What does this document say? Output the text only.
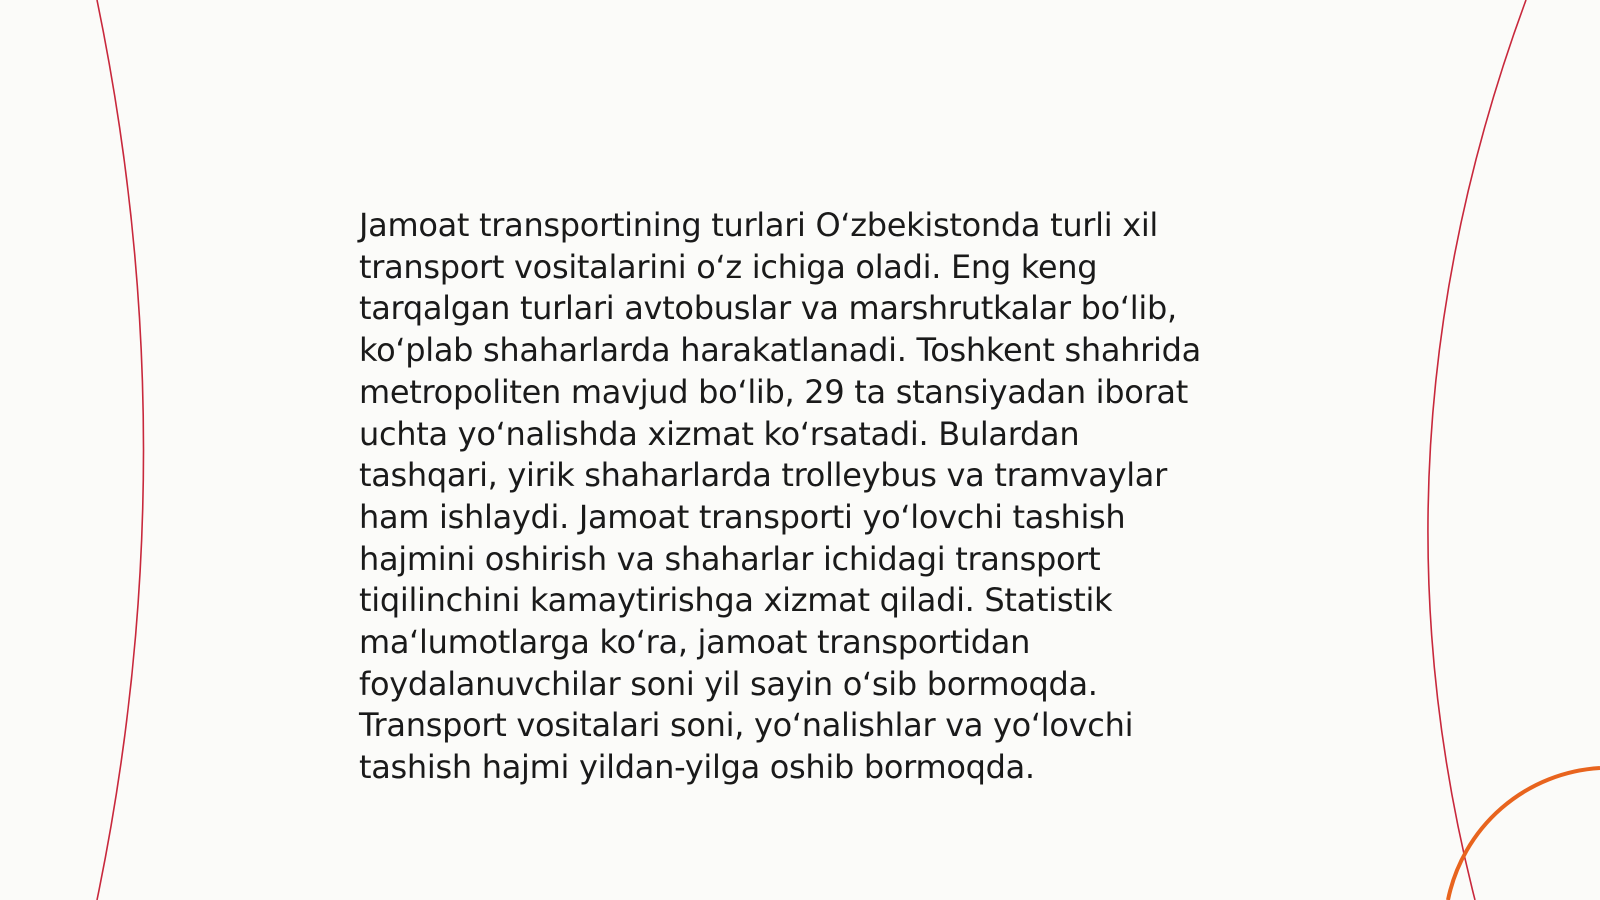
Jamoat transportining turlari Oʻzbekistonda turli xil
transport vositalarini oʻz ichiga oladi. Eng keng
tarqalgan turlari avtobuslar va marshrutkalar boʻlib,
koʻplab shaharlarda harakatlanadi. Toshkent shahrida
metropoliten mavjud boʻlib, 29 ta stansiyadan iborat
uchta yoʻnalishda xizmat koʻrsatadi. Bulardan
tashqari, yirik shaharlarda trolleybus va tramvaylar
ham ishlaydi. Jamoat transporti yoʻlovchi tashish
hajmini oshirish va shaharlar ichidagi transport
tiqilinchini kamaytirishga xizmat qiladi. Statistik
maʻlumotlarga koʻra, jamoat transportidan
foydalanuvchilar soni yil sayin oʻsib bormoqda.
Transport vositalari soni, yoʻnalishlar va yoʻlovchi
tashish hajmi yildan-yilga oshib bormoqda.
